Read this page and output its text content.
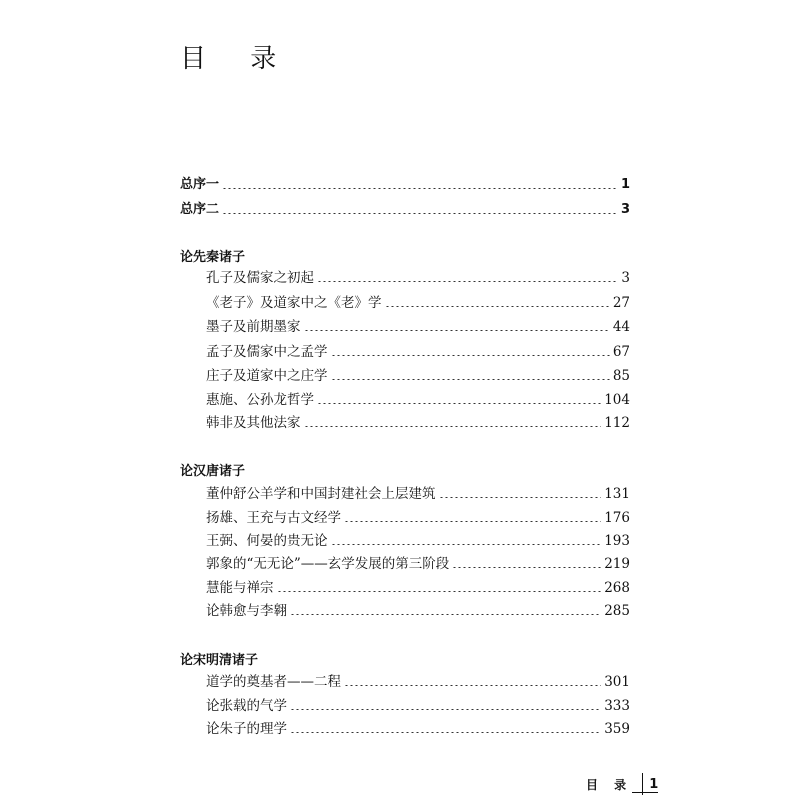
目 录
总序一	1
总序二	3
论先秦诸子
孔子及儒家之初起	3
《老子》及道家中之《老》学	27
墨子及前期墨家	44
孟子及儒家中之孟学	67
庄子及道家中之庄学	85
惠施、公孙龙哲学	104
韩非及其他法家	112
论汉唐诸子
董仲舒公羊学和中国封建社会上层建筑	131
扬雄、王充与古文经学	176
王弼、何晏的贵无论	193
郭象的“无无论”——玄学发展的第三阶段	219
慧能与禅宗	268
论韩愈与李翱	285
论宋明清诸子
道学的奠基者——二程	301
论张载的气学	333
论朱子的理学	359
目 录	1
